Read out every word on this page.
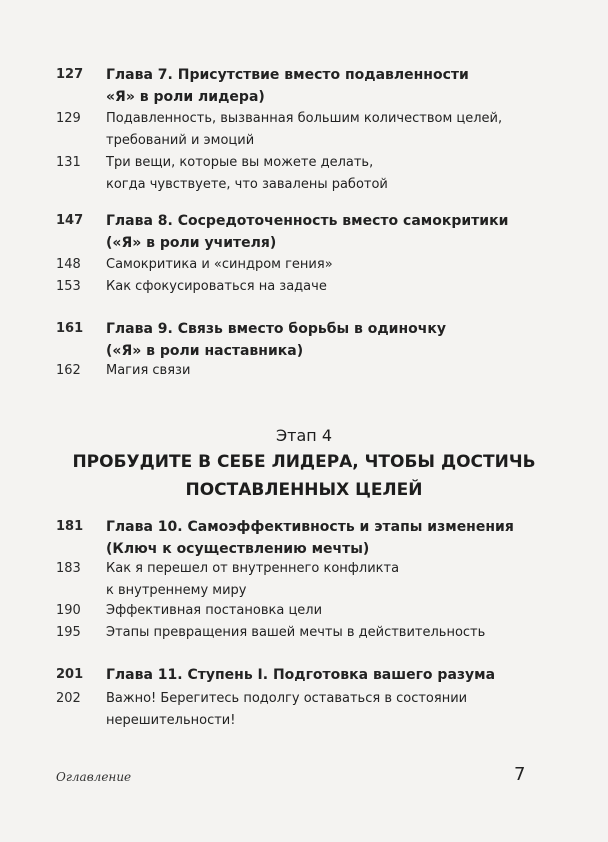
127	Глава 7. Присутствие вместо подавленности
«Я» в роли лидера)
129	Подавленность, вызванная большим количеством целей,
требований и эмоций
131	Три вещи, которые вы можете делать,
когда чувствуете, что завалены работой
147	Глава 8. Сосредоточенность вместо самокритики
(«Я» в роли учителя)
148	Самокритика и «синдром гения»
153	Как сфокусироваться на задаче
161	Глава 9. Связь вместо борьбы в одиночку
(«Я» в роли наставника)
162	Магия связи
Этап 4
ПРОБУДИТЕ В СЕБЕ ЛИДЕРА, ЧТОБЫ ДОСТИЧЬ
ПОСТАВЛЕННЫХ ЦЕЛЕЙ
181	Глава 10. Самоэффективность и этапы изменения
(Ключ к осуществлению мечты)
183	Как я перешел от внутреннего конфликта
к внутреннему миру
190	Эффективная постановка цели
195	Этапы превращения вашей мечты в действительность
201	Глава 11. Ступень I. Подготовка вашего разума
202	Важно! Берегитесь подолгу оставаться в состоянии
нерешительности!
Оглавление	7
